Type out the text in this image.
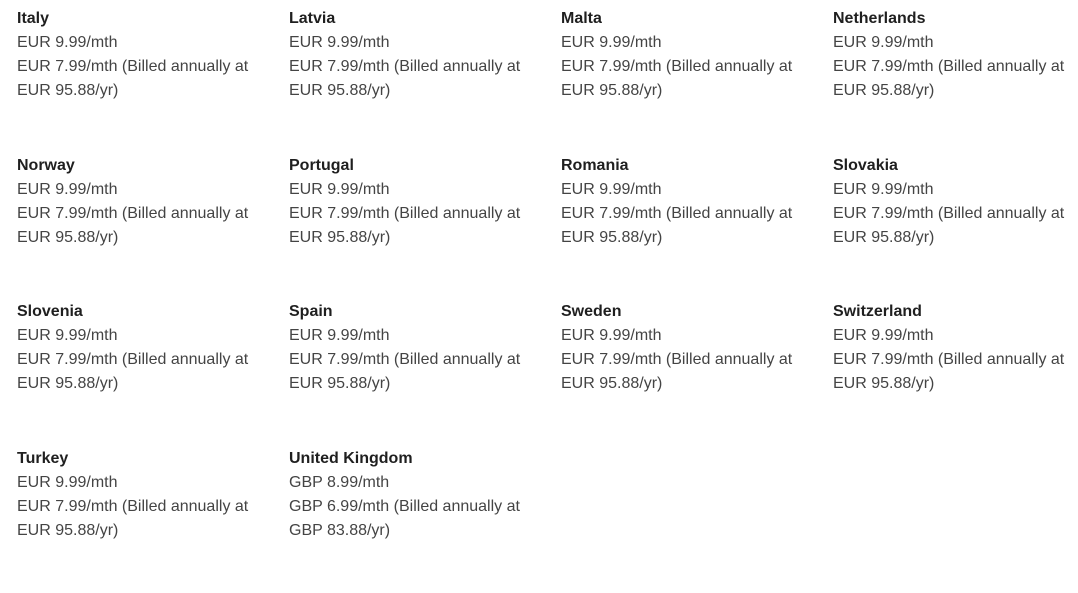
Italy
EUR 9.99/mth
EUR 7.99/mth (Billed annually at
EUR 95.88/yr)
Latvia
EUR 9.99/mth
EUR 7.99/mth (Billed annually at
EUR 95.88/yr)
Malta
EUR 9.99/mth
EUR 7.99/mth (Billed annually at
EUR 95.88/yr)
Netherlands
EUR 9.99/mth
EUR 7.99/mth (Billed annually at
EUR 95.88/yr)
Norway
EUR 9.99/mth
EUR 7.99/mth (Billed annually at
EUR 95.88/yr)
Portugal
EUR 9.99/mth
EUR 7.99/mth (Billed annually at
EUR 95.88/yr)
Romania
EUR 9.99/mth
EUR 7.99/mth (Billed annually at
EUR 95.88/yr)
Slovakia
EUR 9.99/mth
EUR 7.99/mth (Billed annually at
EUR 95.88/yr)
Slovenia
EUR 9.99/mth
EUR 7.99/mth (Billed annually at
EUR 95.88/yr)
Spain
EUR 9.99/mth
EUR 7.99/mth (Billed annually at
EUR 95.88/yr)
Sweden
EUR 9.99/mth
EUR 7.99/mth (Billed annually at
EUR 95.88/yr)
Switzerland
EUR 9.99/mth
EUR 7.99/mth (Billed annually at
EUR 95.88/yr)
Turkey
EUR 9.99/mth
EUR 7.99/mth (Billed annually at
EUR 95.88/yr)
United Kingdom
GBP 8.99/mth
GBP 6.99/mth (Billed annually at
GBP 83.88/yr)
